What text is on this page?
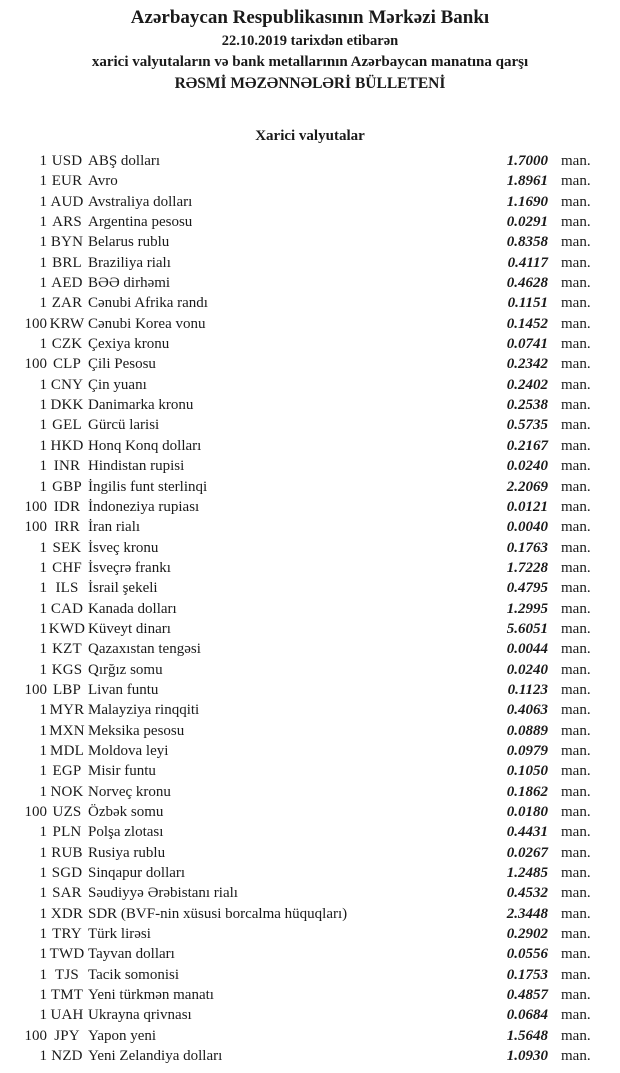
Azərbaycan Respublikasının Mərkəzi Bankı
22.10.2019 tarixdən etibarən
xarici valyutaların və bank metallarının Azərbaycan manatına qarşı
RƏSMİ MƏZƏNNƏLƏRİ BÜLLETENİ
Xarici valyutalar
1 USD ABŞ dolları	1.7000 man.
1 EUR Avro	1.8961 man.
1 AUD Avstraliya dolları	1.1690 man.
1 ARS Argentina pesosu	0.0291 man.
1 BYN Belarus rublu	0.8358 man.
1 BRL Braziliya rialı	0.4117 man.
1 AED BƏƏ dirhəmi	0.4628 man.
1 ZAR Cənubi Afrika randı	0.1151 man.
100 KRW Cənubi Korea vonu	0.1452 man.
1 CZK Çexiya kronu	0.0741 man.
100 CLP Çili Pesosu	0.2342 man.
1 CNY Çin yuanı	0.2402 man.
1 DKK Danimarka kronu	0.2538 man.
1 GEL Gürcü larisi	0.5735 man.
1 HKD Honq Konq dolları	0.2167 man.
1 INR Hindistan rupisi	0.0240 man.
1 GBP İngilis funt sterlinqi	2.2069 man.
100 IDR İndoneziya rupiası	0.0121 man.
100 IRR İran rialı	0.0040 man.
1 SEK İsveç kronu	0.1763 man.
1 CHF İsveçrə frankı	1.7228 man.
1 ILS İsrail şekeli	0.4795 man.
1 CAD Kanada dolları	1.2995 man.
1 KWD Küveyt dinarı	5.6051 man.
1 KZT Qazaxıstan tengəsi	0.0044 man.
1 KGS Qırğız somu	0.0240 man.
100 LBP Livan funtu	0.1123 man.
1 MYR Malayziya rinqqiti	0.4063 man.
1 MXN Meksika pesosu	0.0889 man.
1 MDL Moldova leyi	0.0979 man.
1 EGP Misir funtu	0.1050 man.
1 NOK Norveç kronu	0.1862 man.
100 UZS Özbək somu	0.0180 man.
1 PLN Polşa zlotası	0.4431 man.
1 RUB Rusiya rublu	0.0267 man.
1 SGD Sinqapur dolları	1.2485 man.
1 SAR Səudiyyə Ərəbistanı rialı	0.4532 man.
1 XDR SDR (BVF-nin xüsusi borcalma hüquqları)	2.3448 man.
1 TRY Türk lirəsi	0.2902 man.
1 TWD Tayvan dolları	0.0556 man.
1 TJS Tacik somonisi	0.1753 man.
1 TMT Yeni türkmən manatı	0.4857 man.
1 UAH Ukrayna qrivnası	0.0684 man.
100 JPY Yapon yeni	1.5648 man.
1 NZD Yeni Zelandiya dolları	1.0930 man.
